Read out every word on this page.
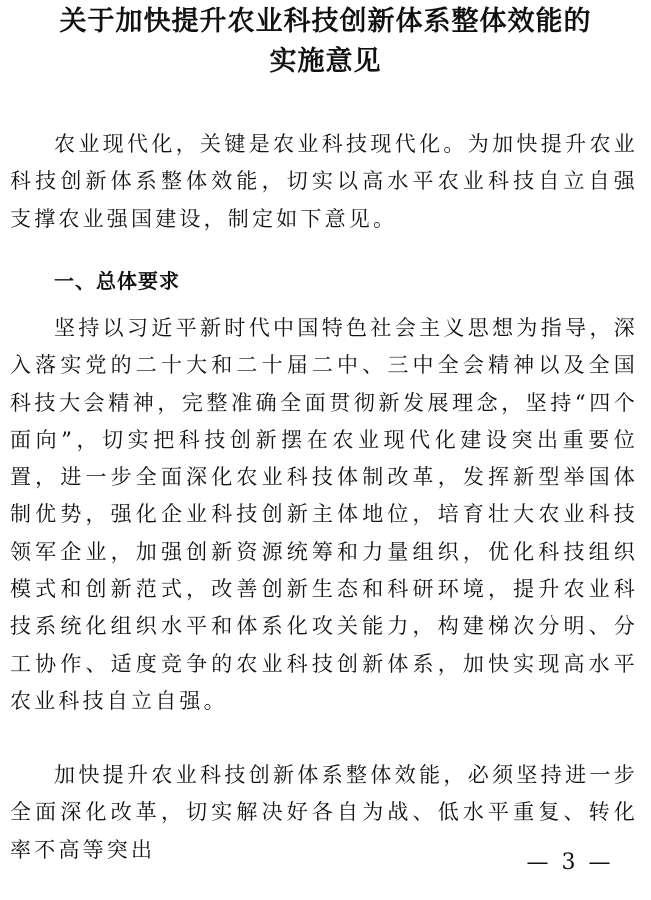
关于加快提升农业科技创新体系整体效能的
实施意见

农业现代化，关键是农业科技现代化。为加快提升农业科技创新体系整体效能，切实以高水平农业科技自立自强支撑农业强国建设，制定如下意见。

一、总体要求

坚持以习近平新时代中国特色社会主义思想为指导，深入落实党的二十大和二十届二中、三中全会精神以及全国科技大会精神，完整准确全面贯彻新发展理念，坚持“四个面向”，切实把科技创新摆在农业现代化建设突出重要位置，进一步全面深化农业科技体制改革，发挥新型举国体制优势，强化企业科技创新主体地位，培育壮大农业科技领军企业，加强创新资源统筹和力量组织，优化科技组织模式和创新范式，改善创新生态和科研环境，提升农业科技系统化组织水平和体系化攻关能力，构建梯次分明、分工协作、适度竞争的农业科技创新体系，加快实现高水平农业科技自立自强。

加快提升农业科技创新体系整体效能，必须坚持进一步全面深化改革，切实解决好各自为战、低水平重复、转化率不高等突出

— 3 —
